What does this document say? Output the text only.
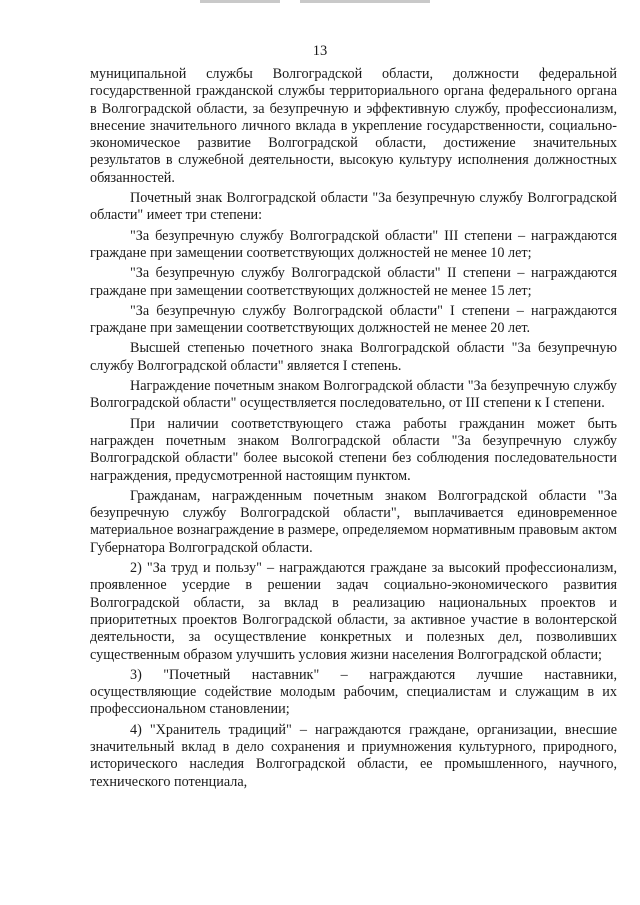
13

муниципальной службы Волгоградской области, должности федеральной государственной гражданской службы территориального органа федерального органа в Волгоградской области, за безупречную и эффективную службу, профессионализм, внесение значительного личного вклада в укрепление государственности, социально-экономическое развитие Волгоградской области, достижение значительных результатов в служебной деятельности, высокую культуру исполнения должностных обязанностей.

Почетный знак Волгоградской области "За безупречную службу Волгоградской области" имеет три степени:

"За безупречную службу Волгоградской области" III степени – награждаются граждане при замещении соответствующих должностей не менее 10 лет;

"За безупречную службу Волгоградской области" II степени – награждаются граждане при замещении соответствующих должностей не менее 15 лет;

"За безупречную службу Волгоградской области" I степени – награждаются граждане при замещении соответствующих должностей не менее 20 лет.

Высшей степенью почетного знака Волгоградской области "За безупречную службу Волгоградской области" является I степень.

Награждение почетным знаком Волгоградской области "За безупречную службу Волгоградской области" осуществляется последовательно, от III степени к I степени.

При наличии соответствующего стажа работы гражданин может быть награжден почетным знаком Волгоградской области "За безупречную службу Волгоградской области" более высокой степени без соблюдения последовательности награждения, предусмотренной настоящим пунктом.

Гражданам, награжденным почетным знаком Волгоградской области "За безупречную службу Волгоградской области", выплачивается единовременное материальное вознаграждение в размере, определяемом нормативным правовым актом Губернатора Волгоградской области.

2) "За труд и пользу" – награждаются граждане за высокий профессионализм, проявленное усердие в решении задач социально-экономического развития Волгоградской области, за вклад в реализацию национальных проектов и приоритетных проектов Волгоградской области, за активное участие в волонтерской деятельности, за осуществление конкретных и полезных дел, позволивших существенным образом улучшить условия жизни населения Волгоградской области;

3) "Почетный наставник" – награждаются лучшие наставники, осуществляющие содействие молодым рабочим, специалистам и служащим в их профессиональном становлении;

4) "Хранитель традиций" – награждаются граждане, организации, внесшие значительный вклад в дело сохранения и приумножения культурного, природного, исторического наследия Волгоградской области, ее промышленного, научного, технического потенциала,
